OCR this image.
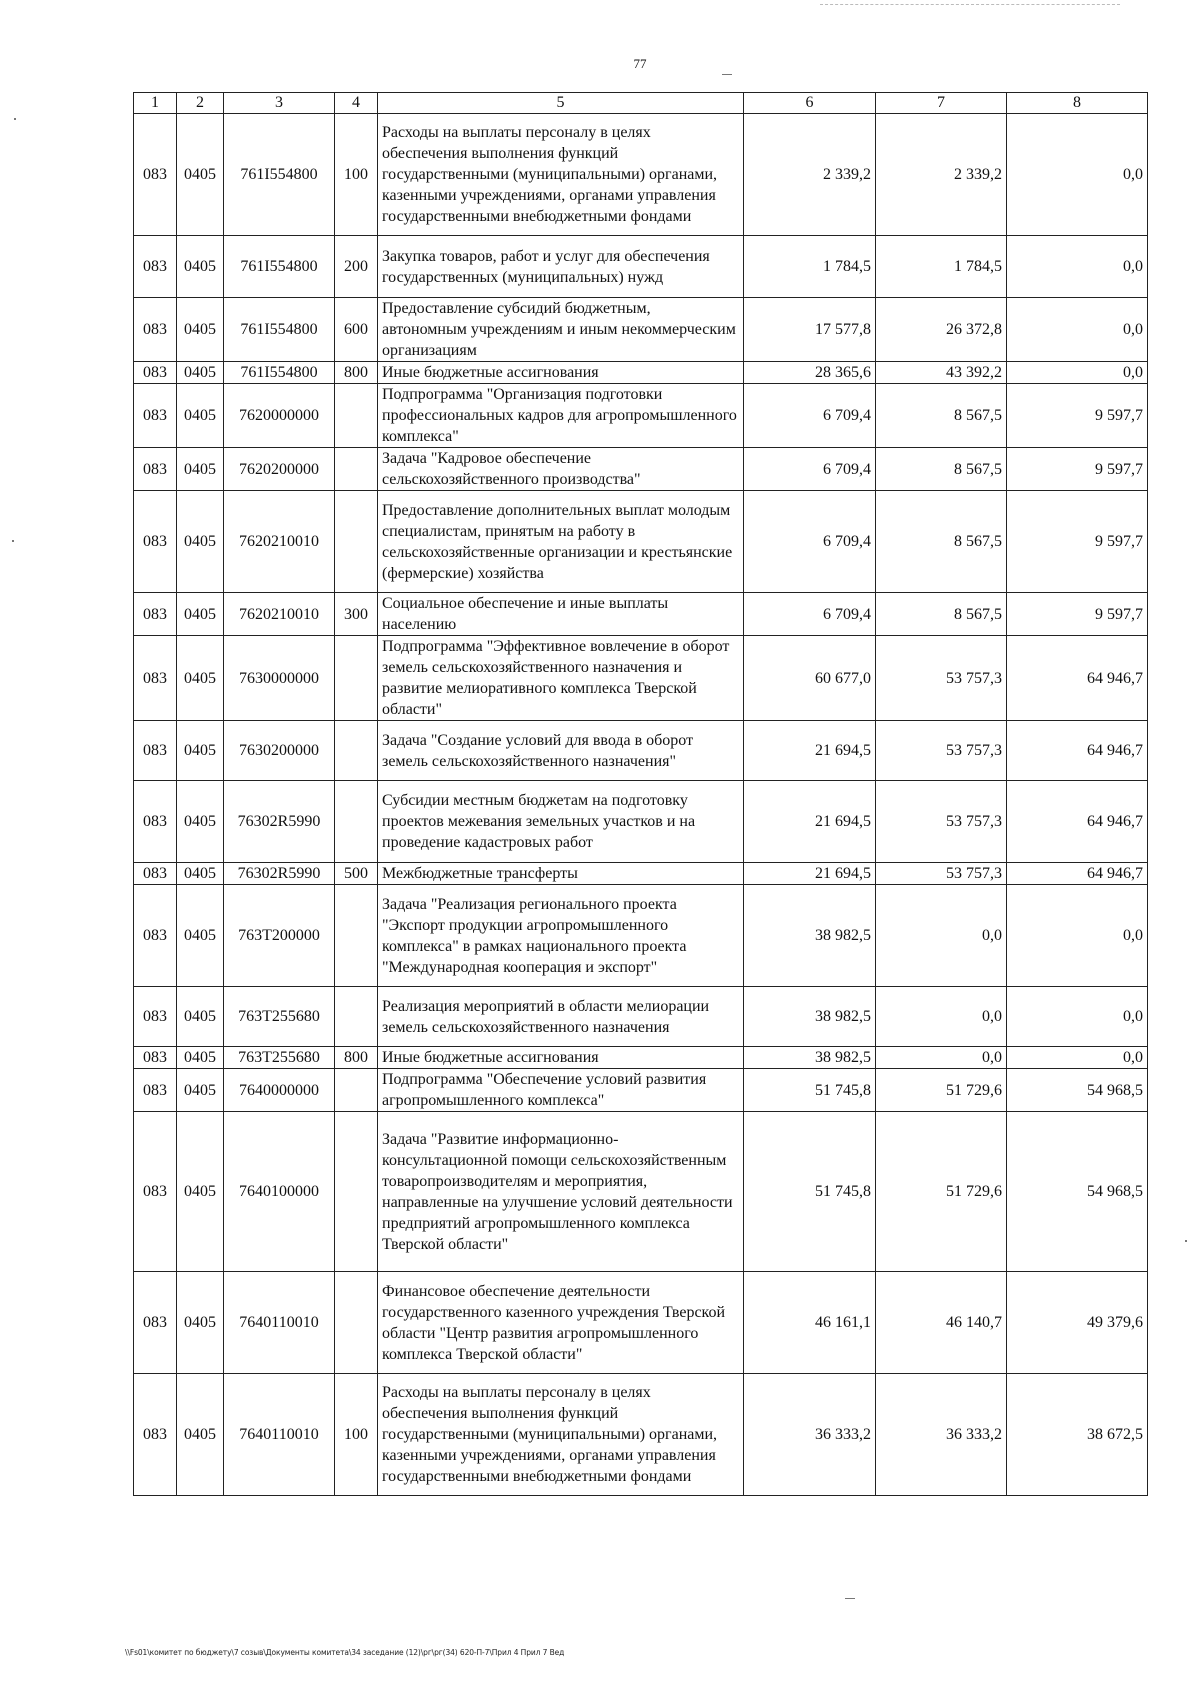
77
1	2	3	4	5	6	7	8
083	0405	761I554800	100	Расходы на выплаты персоналу в целях обеспечения выполнения функций государственными (муниципальными) органами, казенными учреждениями, органами управления государственными внебюджетными фондами	2 339,2	2 339,2	0,0
083	0405	761I554800	200	Закупка товаров, работ и услуг для обеспечения государственных (муниципальных) нужд	1 784,5	1 784,5	0,0
083	0405	761I554800	600	Предоставление субсидий бюджетным, автономным учреждениям и иным некоммерческим организациям	17 577,8	26 372,8	0,0
083	0405	761I554800	800	Иные бюджетные ассигнования	28 365,6	43 392,2	0,0
083	0405	7620000000		Подпрограмма "Организация подготовки профессиональных кадров для агропромышленного комплекса"	6 709,4	8 567,5	9 597,7
083	0405	7620200000		Задача "Кадровое обеспечение сельскохозяйственного производства"	6 709,4	8 567,5	9 597,7
083	0405	7620210010		Предоставление дополнительных выплат молодым специалистам, принятым на работу в сельскохозяйственные организации и крестьянские (фермерские) хозяйства	6 709,4	8 567,5	9 597,7
083	0405	7620210010	300	Социальное обеспечение и иные выплаты населению	6 709,4	8 567,5	9 597,7
083	0405	7630000000		Подпрограмма "Эффективное вовлечение в оборот земель сельскохозяйственного назначения и развитие мелиоративного комплекса Тверской области"	60 677,0	53 757,3	64 946,7
083	0405	7630200000		Задача "Создание условий для ввода в оборот земель сельскохозяйственного назначения"	21 694,5	53 757,3	64 946,7
083	0405	76302R5990		Субсидии местным бюджетам на подготовку проектов межевания земельных участков и на проведение кадастровых работ	21 694,5	53 757,3	64 946,7
083	0405	76302R5990	500	Межбюджетные трансферты	21 694,5	53 757,3	64 946,7
083	0405	763T200000		Задача "Реализация регионального проекта "Экспорт продукции агропромышленного комплекса" в рамках национального проекта "Международная кооперация и экспорт"	38 982,5	0,0	0,0
083	0405	763T255680		Реализация мероприятий в области мелиорации земель сельскохозяйственного назначения	38 982,5	0,0	0,0
083	0405	763T255680	800	Иные бюджетные ассигнования	38 982,5	0,0	0,0
083	0405	7640000000		Подпрограмма "Обеспечение условий развития агропромышленного комплекса"	51 745,8	51 729,6	54 968,5
083	0405	7640100000		Задача "Развитие информационно-консультационной помощи сельскохозяйственным товаропроизводителям и мероприятия, направленные на улучшение условий деятельности предприятий агропромышленного комплекса Тверской области"	51 745,8	51 729,6	54 968,5
083	0405	7640110010		Финансовое обеспечение деятельности государственного казенного учреждения Тверской области "Центр развития агропромышленного комплекса Тверской области"	46 161,1	46 140,7	49 379,6
083	0405	7640110010	100	Расходы на выплаты персоналу в целях обеспечения выполнения функций государственными (муниципальными) органами, казенными учреждениями, органами управления государственными внебюджетными фондами	36 333,2	36 333,2	38 672,5
\\Fs01\комитет по бюджету\7 созыв\Документы комитета\34 заседание (12)\рг\рг(34) 620-П-7\Прил 4 Прил 7 Вед
